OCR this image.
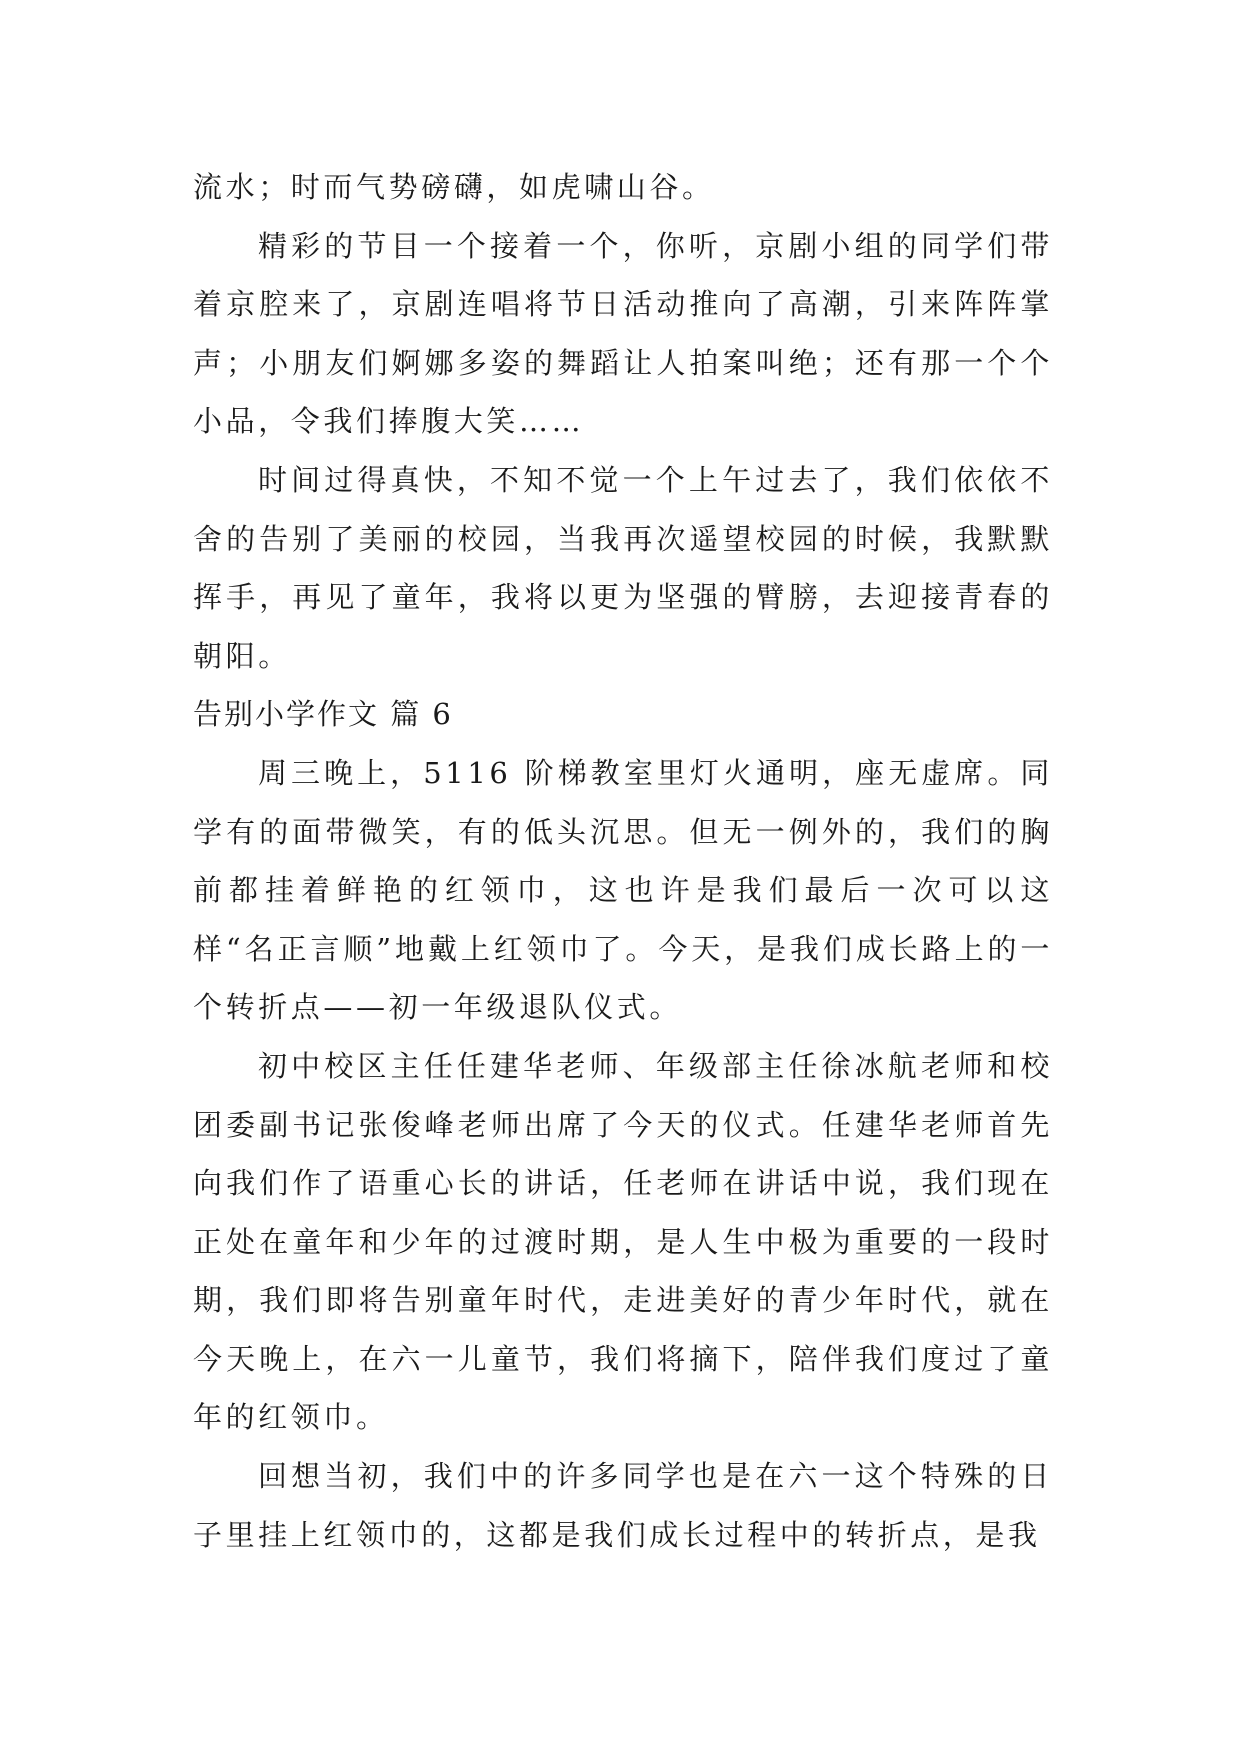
流水；时而气势磅礴，如虎啸山谷。

精彩的节目一个接着一个，你听，京剧小组的同学们带着京腔来了，京剧连唱将节日活动推向了高潮，引来阵阵掌声；小朋友们婀娜多姿的舞蹈让人拍案叫绝；还有那一个个小品，令我们捧腹大笑……

时间过得真快，不知不觉一个上午过去了，我们依依不舍的告别了美丽的校园，当我再次遥望校园的时候，我默默挥手，再见了童年，我将以更为坚强的臂膀，去迎接青春的朝阳。

告别小学作文 篇 6

周三晚上，5116 阶梯教室里灯火通明，座无虚席。同学有的面带微笑，有的低头沉思。但无一例外的，我们的胸前都挂着鲜艳的红领巾，这也许是我们最后一次可以这样“名正言顺”地戴上红领巾了。今天，是我们成长路上的一个转折点——初一年级退队仪式。

初中校区主任任建华老师、年级部主任徐冰航老师和校团委副书记张俊峰老师出席了今天的仪式。任建华老师首先向我们作了语重心长的讲话，任老师在讲话中说，我们现在正处在童年和少年的过渡时期，是人生中极为重要的一段时期，我们即将告别童年时代，走进美好的青少年时代，就在今天晚上，在六一儿童节，我们将摘下，陪伴我们度过了童年的红领巾。

回想当初，我们中的许多同学也是在六一这个特殊的日子里挂上红领巾的，这都是我们成长过程中的转折点，是我
